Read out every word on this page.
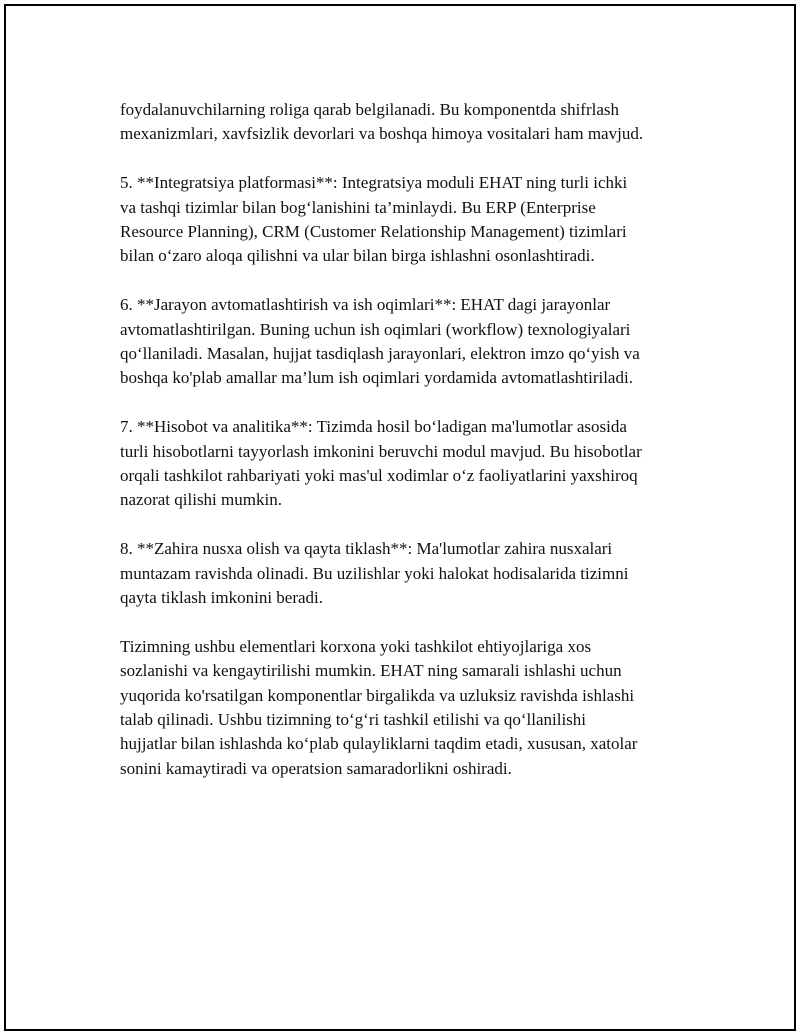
foydalanuvchilarning roliga qarab belgilanadi. Bu komponentda shifrlash
mexanizmlari, xavfsizlik devorlari va boshqa himoya vositalari ham mavjud.

5. **Integratsiya platformasi**: Integratsiya moduli EHAT ning turli ichki
va tashqi tizimlar bilan bog‘lanishini ta’minlaydi. Bu ERP (Enterprise
Resource Planning), CRM (Customer Relationship Management) tizimlari
bilan o‘zaro aloqa qilishni va ular bilan birga ishlashni osonlashtiradi.

6. **Jarayon avtomatlashtirish va ish oqimlari**: EHAT dagi jarayonlar
avtomatlashtirilgan. Buning uchun ish oqimlari (workflow) texnologiyalari
qo‘llaniladi. Masalan, hujjat tasdiqlash jarayonlari, elektron imzo qo‘yish va
boshqa ko'plab amallar ma’lum ish oqimlari yordamida avtomatlashtiriladi.

7. **Hisobot va analitika**: Tizimda hosil bo‘ladigan ma'lumotlar asosida
turli hisobotlarni tayyorlash imkonini beruvchi modul mavjud. Bu hisobotlar
orqali tashkilot rahbariyati yoki mas'ul xodimlar o‘z faoliyatlarini yaxshiroq
nazorat qilishi mumkin.

8. **Zahira nusxa olish va qayta tiklash**: Ma'lumotlar zahira nusxalari
muntazam ravishda olinadi. Bu uzilishlar yoki halokat hodisalarida tizimni
qayta tiklash imkonini beradi.

Tizimning ushbu elementlari korxona yoki tashkilot ehtiyojlariga xos
sozlanishi va kengaytirilishi mumkin. EHAT ning samarali ishlashi uchun
yuqorida ko'rsatilgan komponentlar birgalikda va uzluksiz ravishda ishlashi
talab qilinadi. Ushbu tizimning to‘g‘ri tashkil etilishi va qo‘llanilishi
hujjatlar bilan ishlashda ko‘plab qulayliklarni taqdim etadi, xususan, xatolar
sonini kamaytiradi va operatsion samaradorlikni oshiradi.
